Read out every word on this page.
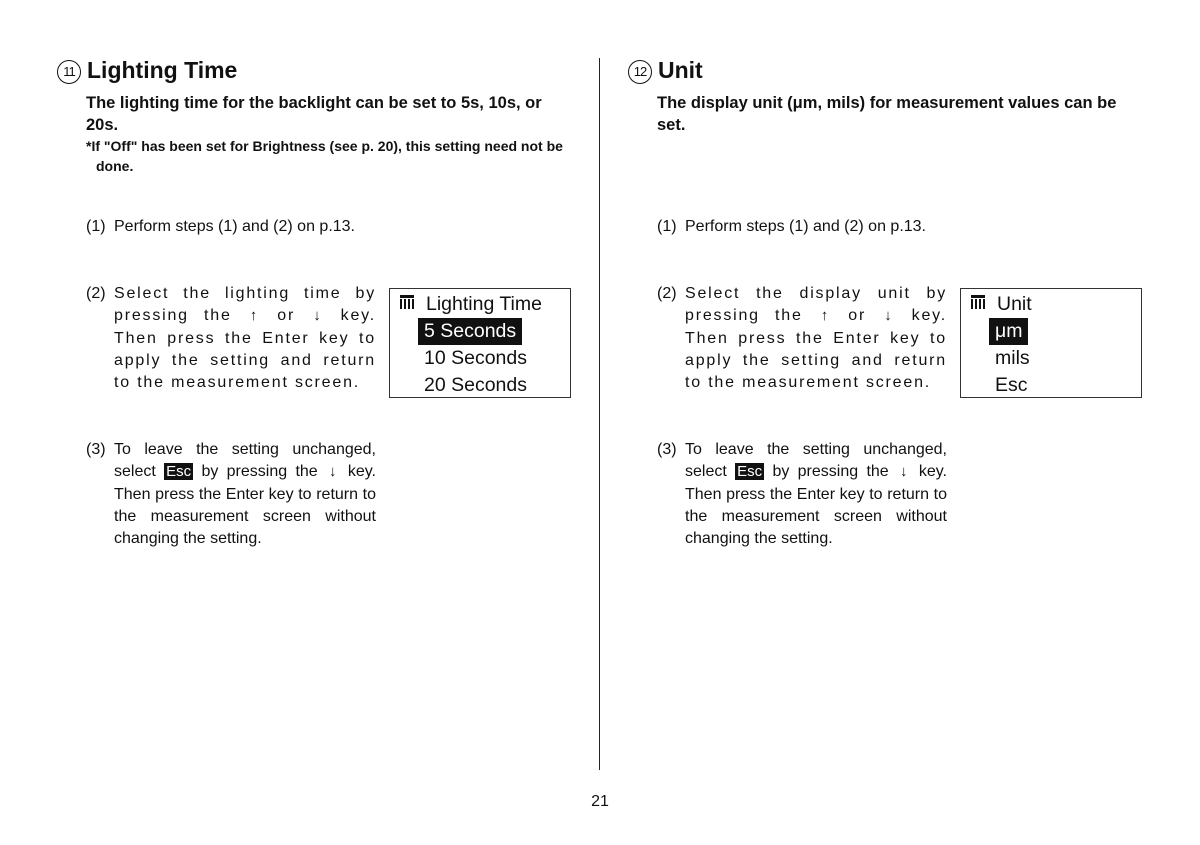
11 Lighting Time
The lighting time for the backlight can be set to 5s, 10s, or 20s.
*If "Off" has been set for Brightness (see p. 20), this setting need not be done.
(1) Perform steps (1) and (2) on p.13.
(2) Select the lighting time by pressing the ↑ or ↓ key. Then press the Enter key to apply the setting and return to the measurement screen.
(3) To leave the setting unchanged, select Esc by pressing the ↓ key. Then press the Enter key to return to the measurement screen without changing the setting.
Lighting Time
5 Seconds
10 Seconds
20 Seconds
12 Unit
The display unit (μm, mils) for measurement values can be set.
(1) Perform steps (1) and (2) on p.13.
(2) Select the display unit by pressing the ↑ or ↓ key. Then press the Enter key to apply the setting and return to the measurement screen.
(3) To leave the setting unchanged, select Esc by pressing the ↓ key. Then press the Enter key to return to the measurement screen without changing the setting.
Unit
μm
mils
Esc
21
